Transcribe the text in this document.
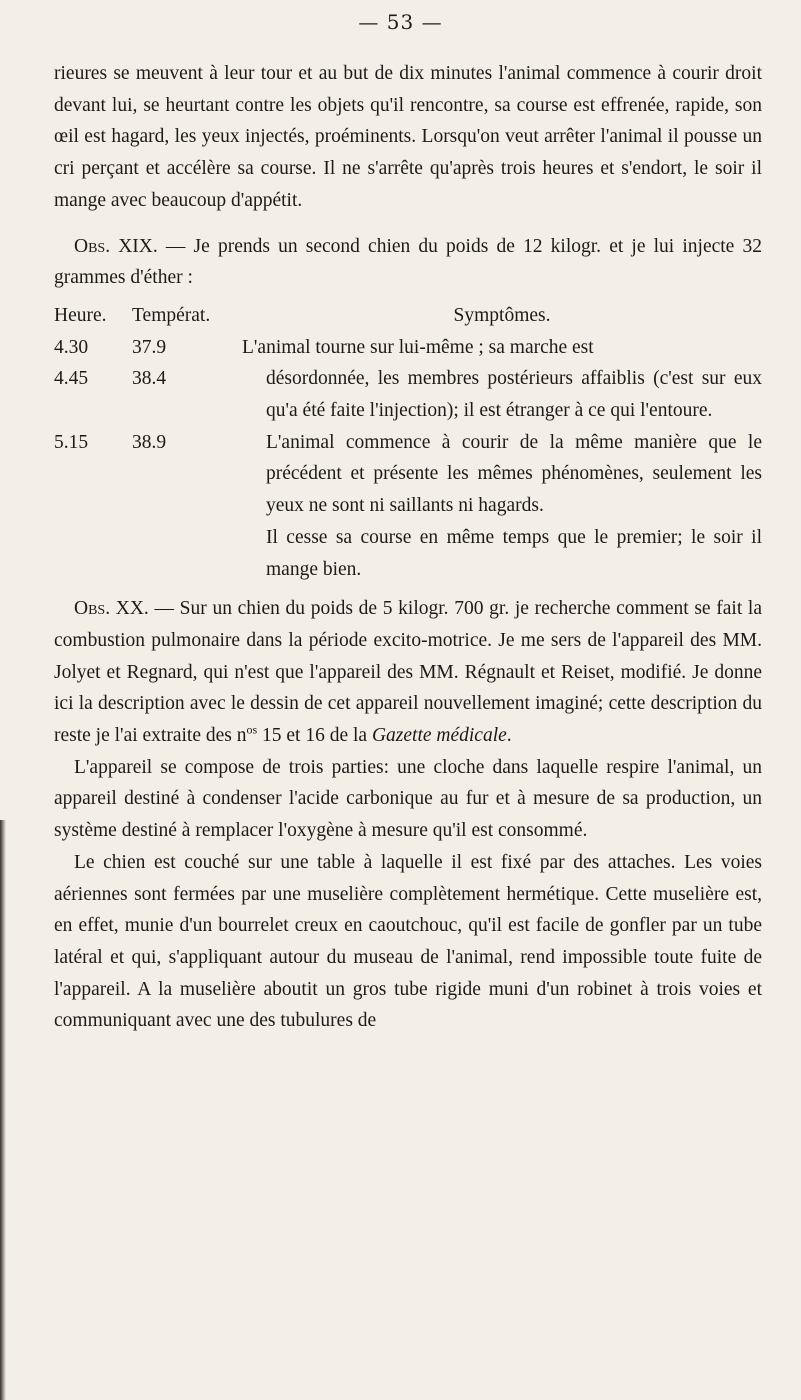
— 53 —

rieures se meuvent à leur tour et au but de dix minutes l'animal commence à courir droit devant lui, se heurtant contre les objets qu'il rencontre, sa course est effrenée, rapide, son œil est hagard, les yeux injectés, proéminents. Lorsqu'on veut arrêter l'animal il pousse un cri perçant et accélère sa course. Il ne s'arrête qu'après trois heures et s'endort, le soir il mange avec beaucoup d'appétit.

Obs. XIX. — Je prends un second chien du poids de 12 kilogr. et je lui injecte 32 grammes d'éther :

Heure.	Températ.	Symptômes.
4.30	37.9	L'animal tourne sur lui-même ; sa marche est
4.45	38.4	désordonnée, les membres postérieurs affaiblis (c'est sur eux qu'a été faite l'injection); il est étranger à ce qui l'entoure.

5.15	38.9	L'animal commence à courir de la même manière que le précédent et présente les mêmes phénomènes, seulement les yeux ne sont ni saillants ni hagards.

		Il cesse sa course en même temps que le premier; le soir il mange bien.

Obs. XX. — Sur un chien du poids de 5 kilogr. 700 gr. je recherche comment se fait la combustion pulmonaire dans la période excito-motrice. Je me sers de l'appareil des MM. Jolyet et Regnard, qui n'est que l'appareil des MM. Régnault et Reiset, modifié. Je donne ici la description avec le dessin de cet appareil nouvellement imaginé; cette description du reste je l'ai extraite des $n^{os}$ 15 et 16 de la Gazette médicale.

L'appareil se compose de trois parties: une cloche dans laquelle respire l'animal, un appareil destiné à condenser l'acide carbonique au fur et à mesure de sa production, un système destiné à remplacer l'oxygène à mesure qu'il est consommé.

Le chien est couché sur une table à laquelle il est fixé par des attaches. Les voies aériennes sont fermées par une muselière complètement hermétique. Cette muselière est, en effet, munie d'un bourrelet creux en caoutchouc, qu'il est facile de gonfler par un tube latéral et qui, s'appliquant autour du museau de l'animal, rend impossible toute fuite de l'appareil. A la muselière aboutit un gros tube rigide muni d'un robinet à trois voies et communiquant avec une des tubulures de
